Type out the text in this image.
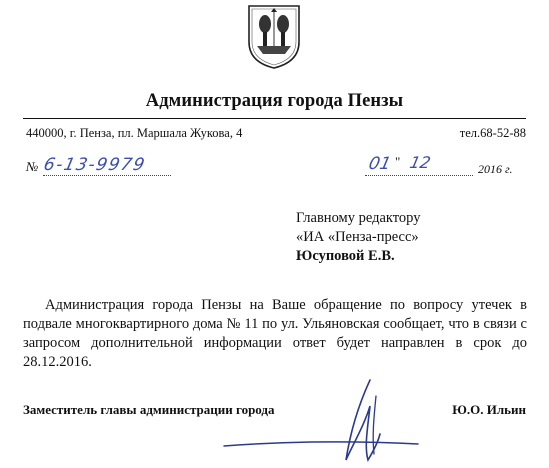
Администрация города Пензы
440000, г. Пенза, пл. Маршала Жукова, 4	тел.68-52-88
№ 6-13-9979	01 " 12	2016 г.
Главному редактору
«ИА «Пенза-пресс»
Юсуповой Е.В.
Администрация города Пензы на Ваше обращение по вопросу утечек в подвале многоквартирного дома № 11 по ул. Ульяновская сообщает, что в связи с запросом дополнительной информации ответ будет направлен в срок до 28.12.2016.
Заместитель главы администрации города	Ю.О. Ильин
